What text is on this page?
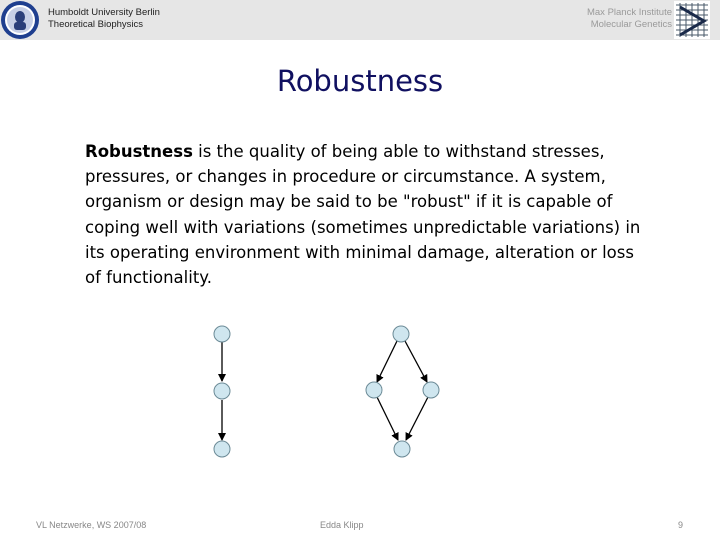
Humboldt University Berlin
Theoretical Biophysics
Max Planck Institute
Molecular Genetics
Robustness
Robustness is the quality of being able to withstand stresses, pressures, or changes in procedure or circumstance. A system, organism or design may be said to be "robust" if it is capable of coping well with variations (sometimes unpredictable variations) in its operating environment with minimal damage, alteration or loss of functionality.
VL Netzwerke, WS 2007/08	Edda Klipp	9
